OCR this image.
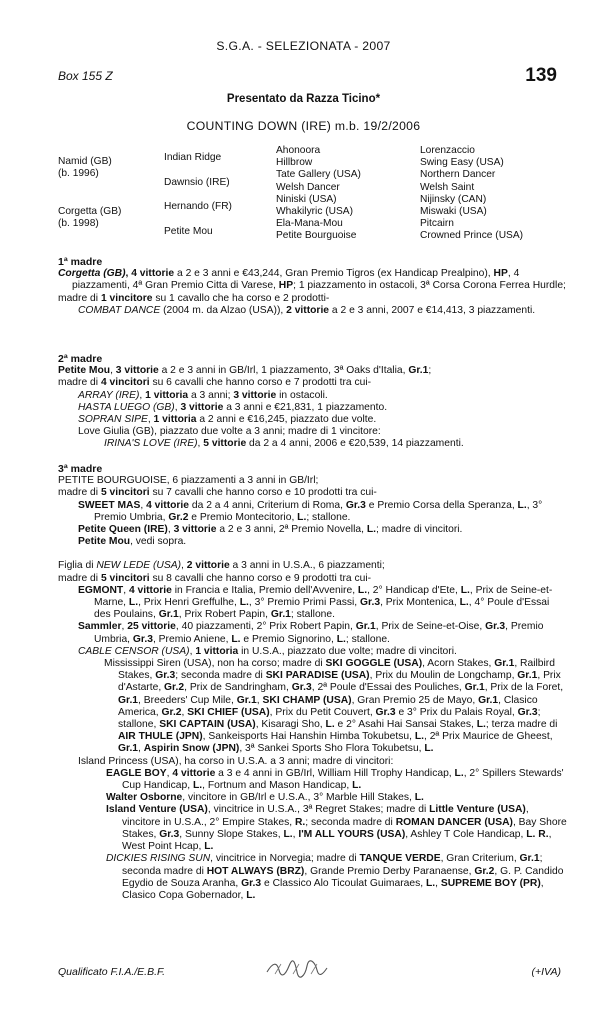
S.G.A. - SELEZIONATA - 2007
Box 155 Z	139
Presentato da Razza Ticino*
COUNTING DOWN (IRE) m.b. 19/2/2006
Namid (GB)
(b. 1996)
Corgetta (GB)
(b. 1998)
Indian Ridge
Dawnsio (IRE)
Hernando (FR)
Petite Mou
Ahonoora
Hillbrow
Tate Gallery (USA)
Welsh Dancer
Niniski (USA)
Whakilyric (USA)
Ela-Mana-Mou
Petite Bourguoise
Lorenzaccio
Swing Easy (USA)
Northern Dancer
Welsh Saint
Nijinsky (CAN)
Miswaki (USA)
Pitcairn
Crowned Prince (USA)

1ª madre

Corgetta (GB), 4 vittorie a 2 e 3 anni e €43,244, Gran Premio Tigros (ex Handicap Prealpino), HP, 4 piazzamenti, 4ª Gran Premio Citta di Varese, HP; 1 piazzamento in ostacoli, 3ª Corsa Corona Ferrea Hurdle;

madre di 1 vincitore su 1 cavallo che ha corso e 2 prodotti-

COMBAT DANCE (2004 m. da Alzao (USA)), 2 vittorie a 2 e 3 anni, 2007 e €14,413, 3 piazzamenti.

2ª madre

Petite Mou, 3 vittorie a 2 e 3 anni in GB/Irl, 1 piazzamento, 3ª Oaks d'Italia, Gr.1;

madre di 4 vincitori su 6 cavalli che hanno corso e 7 prodotti tra cui-

ARRAY (IRE), 1 vittoria a 3 anni; 3 vittorie in ostacoli.

HASTA LUEGO (GB), 3 vittorie a 3 anni e €21,831, 1 piazzamento.

SOPRAN SIPE, 1 vittoria a 2 anni e €16,245, piazzato due volte.

Love Giulia (GB), piazzato due volte a 3 anni; madre di 1 vincitore:

IRINA'S LOVE (IRE), 5 vittorie da 2 a 4 anni, 2006 e €20,539, 14 piazzamenti.

3ª madre

PETITE BOURGUOISE, 6 piazzamenti a 3 anni in GB/Irl;

madre di 5 vincitori su 7 cavalli che hanno corso e 10 prodotti tra cui-

SWEET MAS, 4 vittorie da 2 a 4 anni, Criterium di Roma, Gr.3 e Premio Corsa della Speranza, L., 3° Premio Umbria, Gr.2 e Premio Montecitorio, L.; stallone.

Petite Queen (IRE), 3 vittorie a 2 e 3 anni, 2ª Premio Novella, L.; madre di vincitori.

Petite Mou, vedi sopra.

Figlia di NEW LEDE (USA), 2 vittorie a 3 anni in U.S.A., 6 piazzamenti;

madre di 5 vincitori su 8 cavalli che hanno corso e 9 prodotti tra cui-

EGMONT, 4 vittorie in Francia e Italia, Premio dell'Avvenire, L., 2° Handicap d'Ete, L., Prix de Seine-et-Marne, L., Prix Henri Greffulhe, L., 3° Premio Primi Passi, Gr.3, Prix Montenica, L., 4° Poule d'Essai des Poulains, Gr.1, Prix Robert Papin, Gr.1; stallone.

Sammler, 25 vittorie, 40 piazzamenti, 2° Prix Robert Papin, Gr.1, Prix de Seine-et-Oise, Gr.3, Premio Umbria, Gr.3, Premio Aniene, L. e Premio Signorino, L.; stallone.

CABLE CENSOR (USA), 1 vittoria in U.S.A., piazzato due volte; madre di vincitori.

Mississippi Siren (USA), non ha corso; madre di SKI GOGGLE (USA), Acorn Stakes, Gr.1, Railbird Stakes, Gr.3; seconda madre di SKI PARADISE (USA), Prix du Moulin de Longchamp, Gr.1, Prix d'Astarte, Gr.2, Prix de Sandringham, Gr.3, 2ª Poule d'Essai des Pouliches, Gr.1, Prix de la Foret, Gr.1, Breeders' Cup Mile, Gr.1, SKI CHAMP (USA), Gran Premio 25 de Mayo, Gr.1, Clasico America, Gr.2, SKI CHIEF (USA), Prix du Petit Couvert, Gr.3 e 3° Prix du Palais Royal, Gr.3; stallone, SKI CAPTAIN (USA), Kisaragi Sho, L. e 2° Asahi Hai Sansai Stakes, L.; terza madre di AIR THULE (JPN), Sankeisports Hai Hanshin Himba Tokubetsu, L., 2ª Prix Maurice de Gheest, Gr.1, Aspirin Snow (JPN), 3ª Sankei Sports Sho Flora Tokubetsu, L.

Island Princess (USA), ha corso in U.S.A. a 3 anni; madre di vincitori:

EAGLE BOY, 4 vittorie a 3 e 4 anni in GB/Irl, William Hill Trophy Handicap, L., 2° Spillers Stewards' Cup Handicap, L., Fortnum and Mason Handicap, L.

Walter Osborne, vincitore in GB/Irl e U.S.A., 3° Marble Hill Stakes, L.

Island Venture (USA), vincitrice in U.S.A., 3ª Regret Stakes; madre di Little Venture (USA), vincitore in U.S.A., 2° Empire Stakes, R.; seconda madre di ROMAN DANCER (USA), Bay Shore Stakes, Gr.3, Sunny Slope Stakes, L., I'M ALL YOURS (USA), Ashley T Cole Handicap, L. R., West Point Hcap, L.

DICKIES RISING SUN, vincitrice in Norvegia; madre di TANQUE VERDE, Gran Criterium, Gr.1; seconda madre di HOT ALWAYS (BRZ), Grande Premio Derby Paranaense, Gr.2, G. P. Candido Egydio de Souza Aranha, Gr.3 e Classico Alo Ticoulat Guimaraes, L., SUPREME BOY (PR), Clasico Copa Gobernador, L.

Qualificato F.I.A./E.B.F.	(+IVA)
